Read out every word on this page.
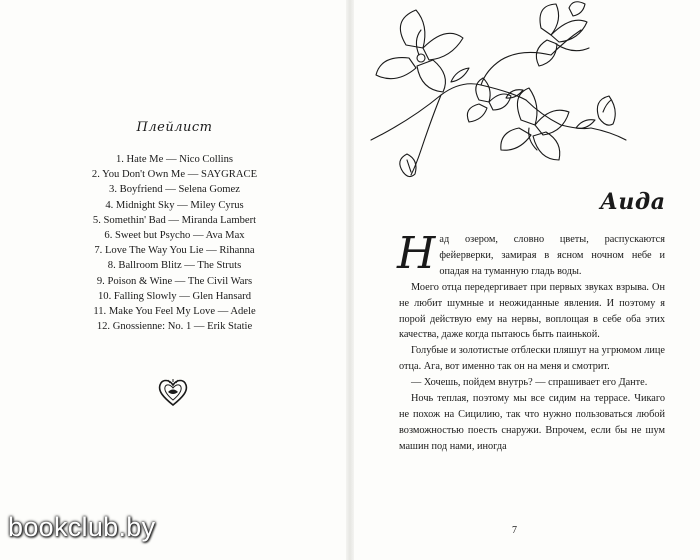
Плейлист
1. Hate Me — Nico Collins
2. You Don't Own Me — SAYGRACE
3. Boyfriend — Selena Gomez
4. Midnight Sky — Miley Cyrus
5. Somethin' Bad — Miranda Lambert
6. Sweet but Psycho — Ava Max
7. Love The Way You Lie — Rihanna
8. Ballroom Blitz — The Struts
9. Poison & Wine — The Civil Wars
10. Falling Slowly — Glen Hansard
11. Make You Feel My Love — Adele
12. Gnossienne: No. 1 — Erik Statie
Аида

Над озером, словно цветы, распускаются фейерверки, замирая в ясном ночном небе и опадая на туманную гладь воды.

Моего отца передергивает при первых звуках взрыва. Он не любит шумные и неожиданные явления. И поэтому я порой действую ему на нервы, воплощая в себе оба этих качества, даже когда пытаюсь быть паинькой.

Голубые и золотистые отблески пляшут на угрюмом лице отца. Ага, вот именно так он на меня и смотрит.

— Хочешь, пойдем внутрь? — спрашивает его Данте.

Ночь теплая, поэтому мы все сидим на террасе. Чикаго не похож на Сицилию, так что нужно пользоваться любой возможностью поесть снаружи. Впрочем, если бы не шум машин под нами, иногда

7
bookclub.by
